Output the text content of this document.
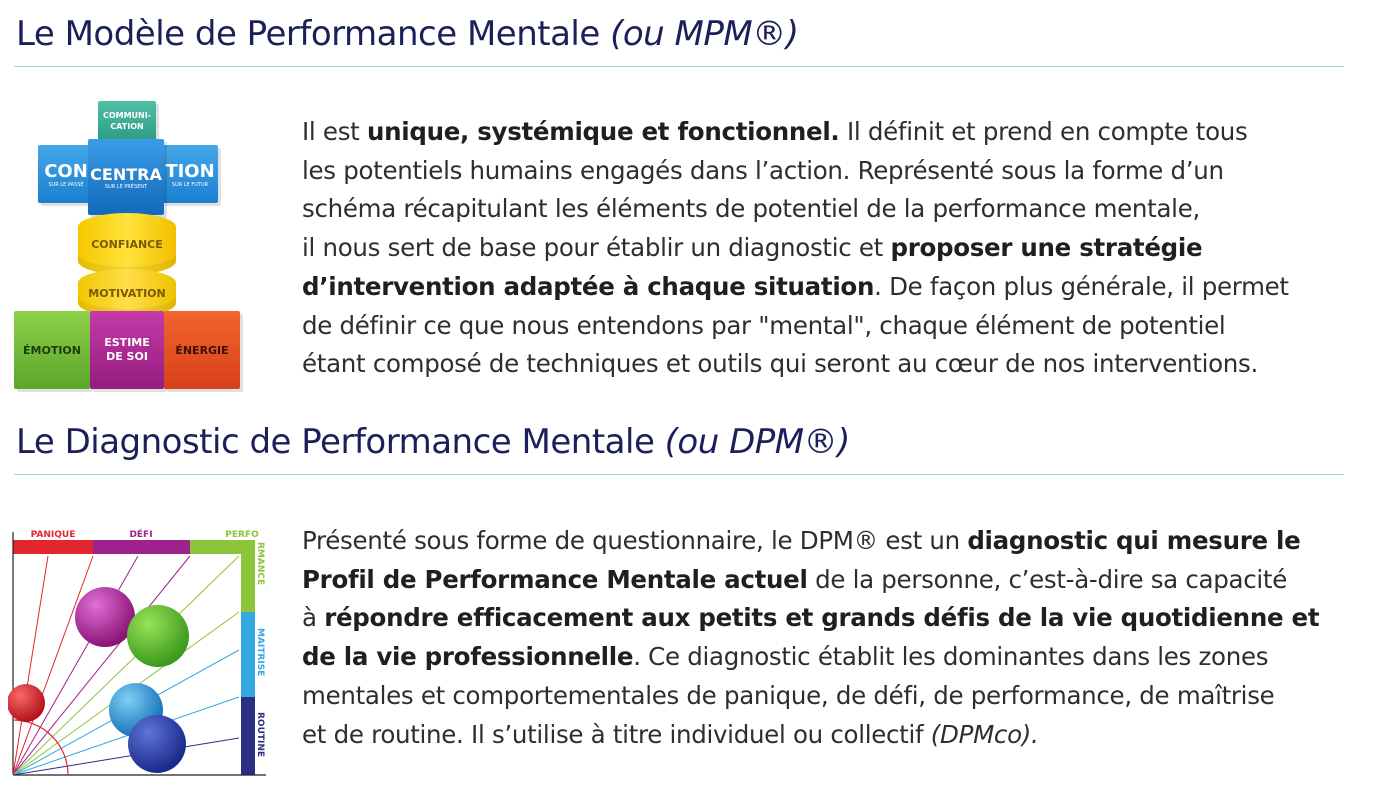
Le Modèle de Performance Mentale (ou MPM®)
COMMUNI-
CATION
CON
SUR LE PASSÉ
TION
SUR LE FUTUR
CENTRA
SUR LE PRÉSENT
CONFIANCE
MOTIVATION
ÉMOTION
ESTIME
DE SOI	ÉNERGIE
Il est unique, systémique et fonctionnel. Il définit et prend en compte tous
les potentiels humains engagés dans l’action. Représenté sous la forme d’un
schéma récapitulant les éléments de potentiel de la performance mentale,
il nous sert de base pour établir un diagnostic et proposer une stratégie
d’intervention adaptée à chaque situation. De façon plus générale, il permet
de définir ce que nous entendons par "mental", chaque élément de potentiel
étant composé de techniques et outils qui seront au cœur de nos interventions.
Le Diagnostic de Performance Mentale (ou DPM®)
PANIQUE	DÉFI	PERFO
RMANCE
MAITRISE
ROUTINE
Présenté sous forme de questionnaire, le DPM® est un diagnostic qui mesure le
Profil de Performance Mentale actuel de la personne, c’est-à-dire sa capacité
à répondre efficacement aux petits et grands défis de la vie quotidienne et
de la vie professionnelle. Ce diagnostic établit les dominantes dans les zones
mentales et comportementales de panique, de défi, de performance, de maîtrise
et de routine. Il s’utilise à titre individuel ou collectif (DPMco).
